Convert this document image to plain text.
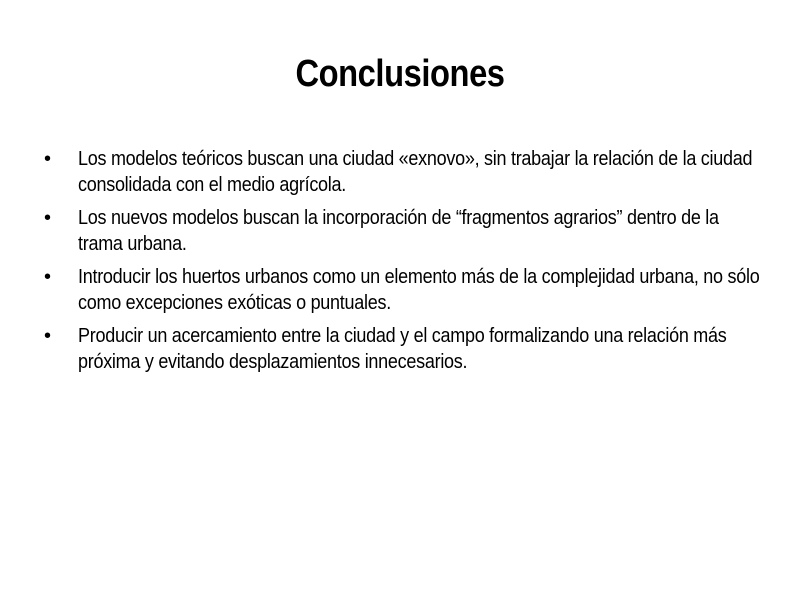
Conclusiones
•	Los modelos teóricos buscan una ciudad «exnovo», sin trabajar la relación de la ciudad consolidada con el medio agrícola.
•	Los nuevos modelos buscan la incorporación de “fragmentos agrarios” dentro de la trama urbana.
•	Introducir los huertos urbanos como un elemento más de la complejidad urbana, no sólo como excepciones exóticas o puntuales.
•	Producir un acercamiento entre la ciudad y el campo formalizando una relación más próxima y evitando desplazamientos innecesarios.
